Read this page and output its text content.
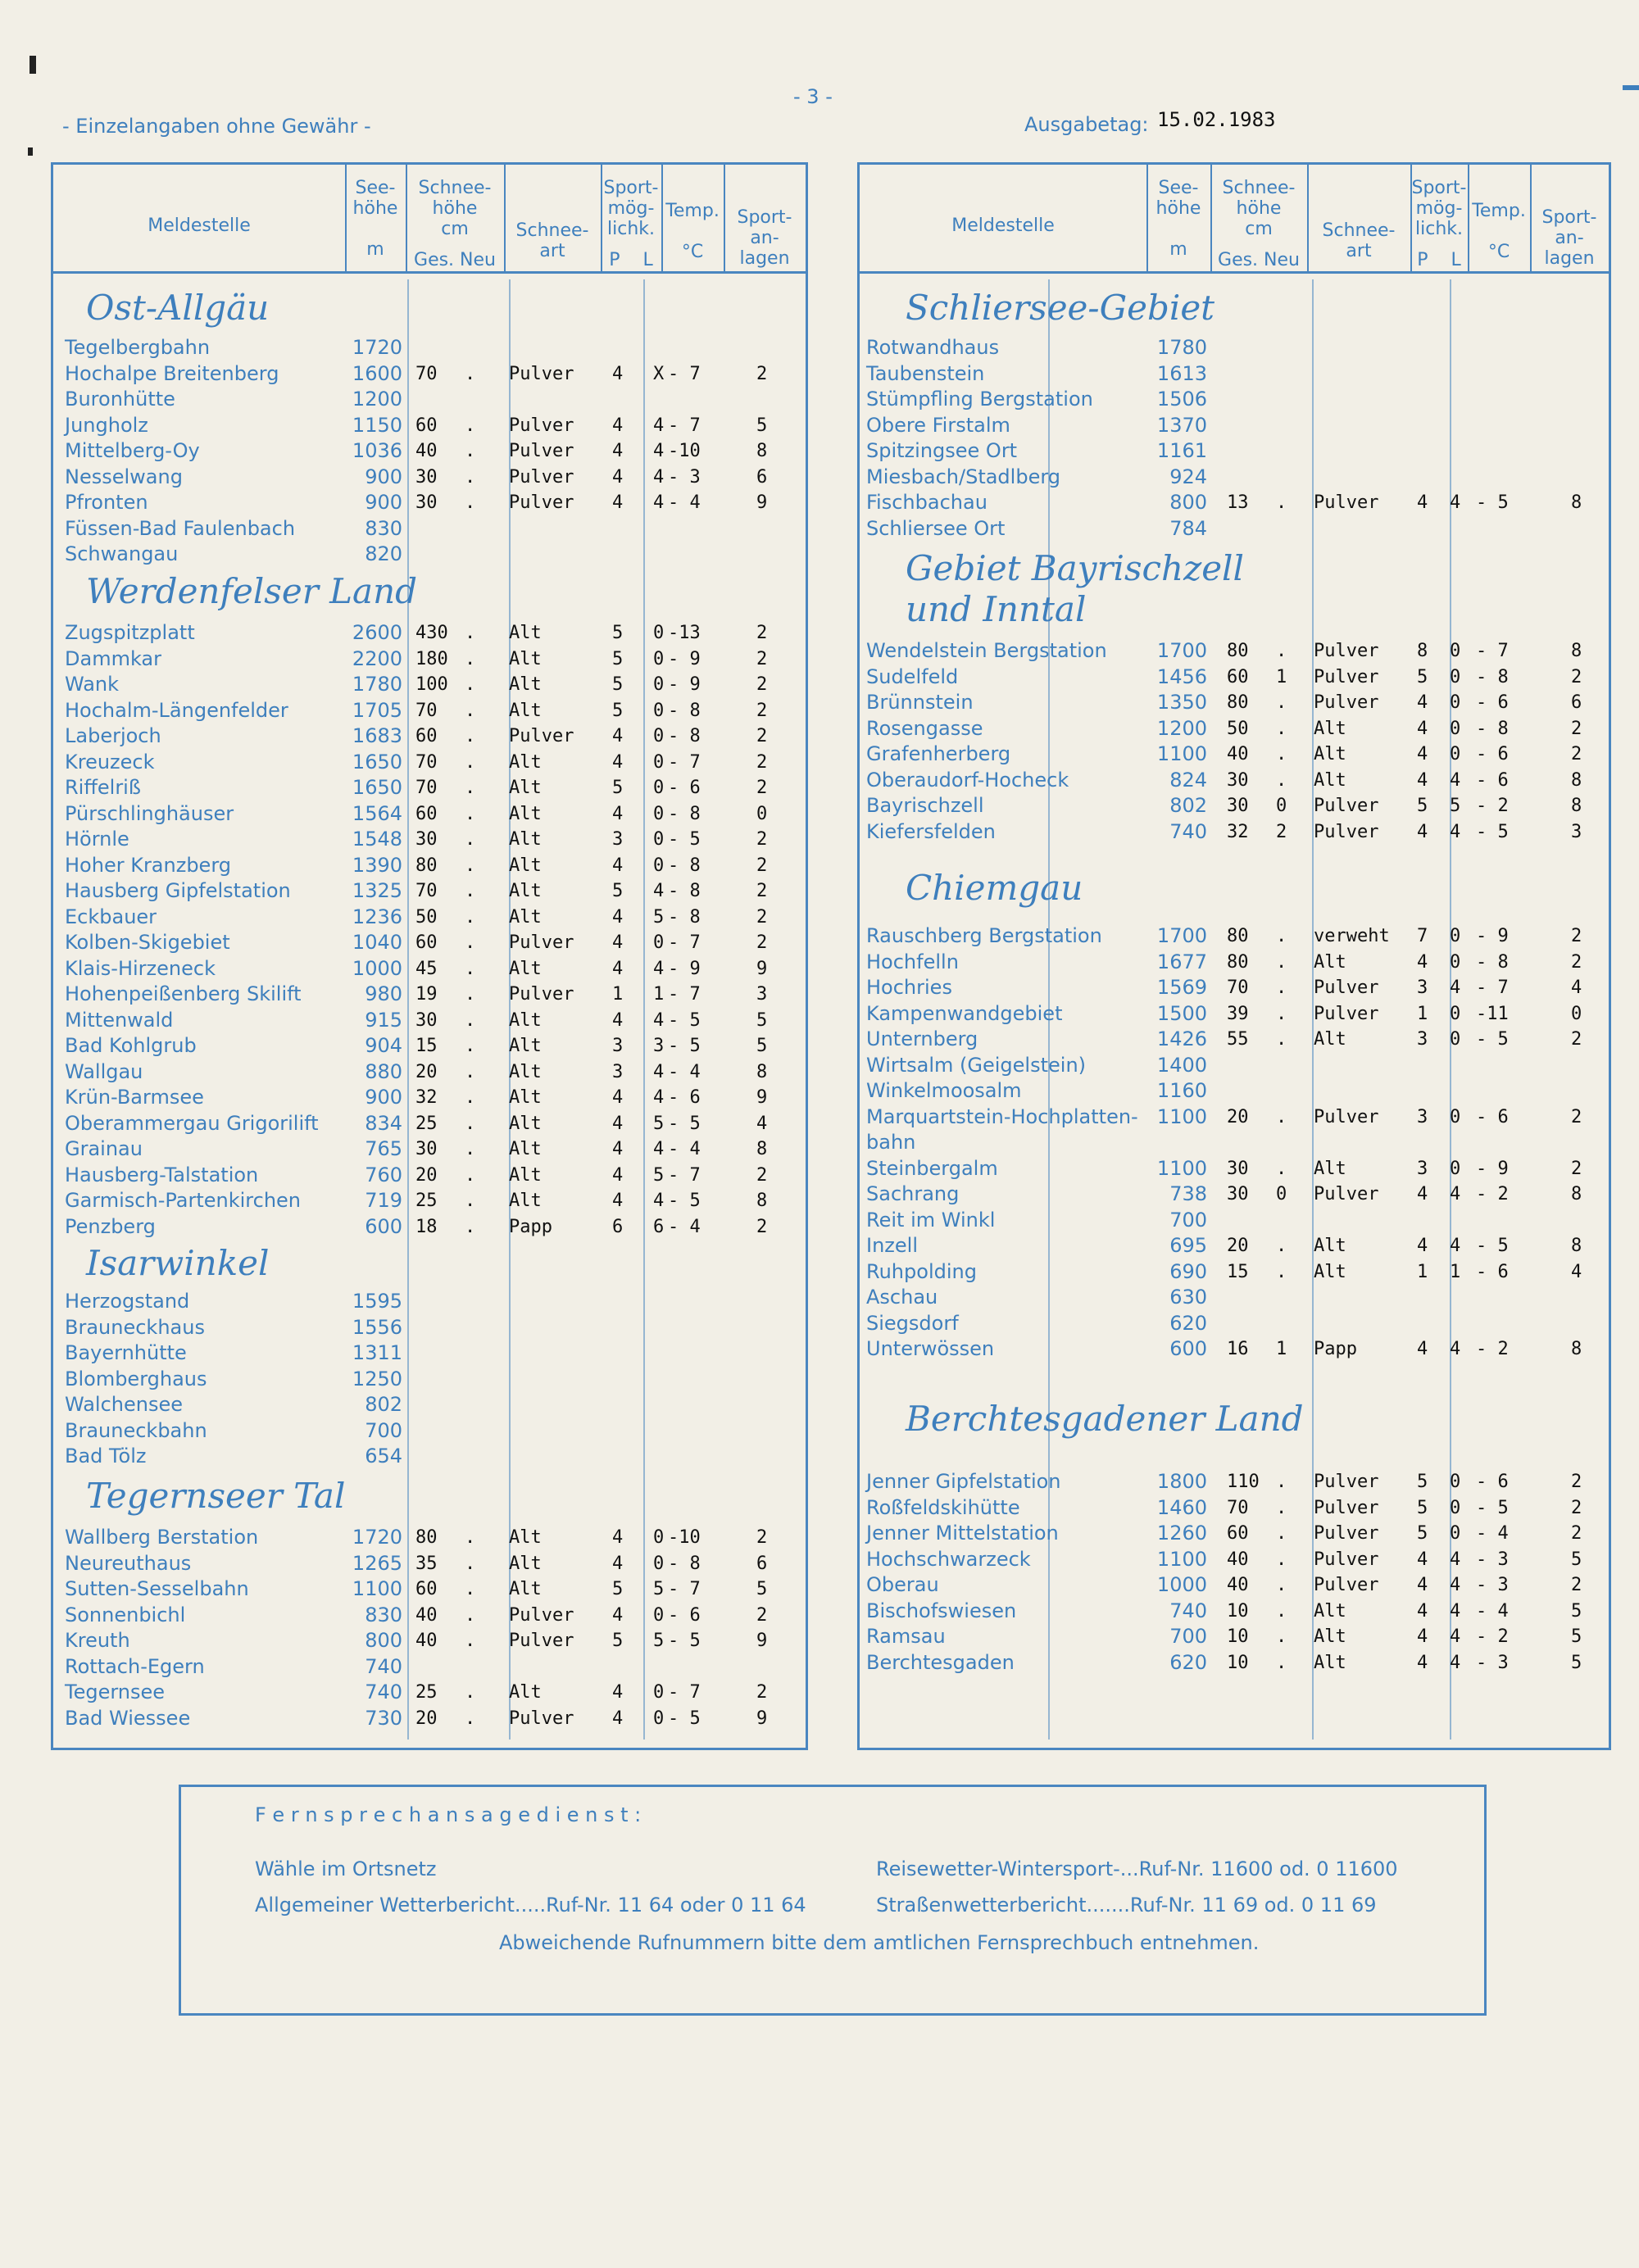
- 3 -
- Einzelangaben ohne Gewähr -	Ausgabetag: 15.02.1983
Meldestelle
See-
höhe

m
Schnee-
höhe
cm
Ges. Neu
Schnee-
art
Sport-
mög-
lichk.
P    L
Temp.

°C
Sport-
an-
lagen
Ost-Allgäu
Tegelbergbahn	1720
Hochalpe Breitenberg	1600 70 . Pulver 4 X - 7	2
Buronhütte	1200
Jungholz	1150 60 . Pulver 4 4 - 7	5
Mittelberg-Oy	1036 40 . Pulver 4 4 -10	8
Nesselwang	900 30 . Pulver 4 4 - 3	6
Pfronten	900 30 . Pulver 4 4 - 4	9
Füssen-Bad Faulenbach	830
Schwangau	820
Werdenfelser Land
Zugspitzplatt	2600 430 . Alt	5 0 -13	2
Dammkar	2200 180 . Alt	5 0 - 9	2
Wank	1780 100 . Alt	5 0 - 9	2
Hochalm-Längenfelder	1705 70 . Alt	5 0 - 8	2
Laberjoch	1683 60 . Pulver 4 0 - 8	2
Kreuzeck	1650 70 . Alt	4 0 - 7	2
Riffelriß	1650 70 . Alt	5 0 - 6	2
Pürschlinghäuser	1564 60 . Alt	4 0 - 8	0
Hörnle	1548 30 . Alt	3 0 - 5	2
Hoher Kranzberg	1390 80 . Alt	4 0 - 8	2
Hausberg Gipfelstation	1325 70 . Alt	5 4 - 8	2
Eckbauer	1236 50 . Alt	4 5 - 8	2
Kolben-Skigebiet	1040 60 . Pulver 4 0 - 7	2
Klais-Hirzeneck	1000 45 . Alt	4 4 - 9	9
Hohenpeißenberg Skilift	980 19 . Pulver 1 1 - 7	3
Mittenwald	915 30 . Alt	4 4 - 5	5
Bad Kohlgrub	904 15 . Alt	3 3 - 5	5
Wallgau	880 20 . Alt	3 4 - 4	8
Krün-Barmsee	900 32 . Alt	4 4 - 6	9
Oberammergau Grigorilift 834 25 . Alt	4 5 - 5	4
Grainau	765 30 . Alt	4 4 - 4	8
Hausberg-Talstation	760 20 . Alt	4 5 - 7	2
Garmisch-Partenkirchen	719 25 . Alt	4 4 - 5	8
Penzberg	600 18 . Papp	6 6 - 4	2
Isarwinkel
Herzogstand	1595
Brauneckhaus	1556
Bayernhütte	1311
Blomberghaus	1250
Walchensee	802
Brauneckbahn	700
Bad Tölz	654
Tegernseer Tal
Wallberg Berstation	1720 80 . Alt	4 0 -10	2
Neureuthaus	1265 35 . Alt	4 0 - 8	6
Sutten-Sesselbahn	1100 60 . Alt	5 5 - 7	5
Sonnenbichl	830 40 . Pulver 4 0 - 6	2
Kreuth	800 40 . Pulver 5 5 - 5	9
Rottach-Egern	740
Tegernsee	740 25 . Alt	4 0 - 7	2
Bad Wiessee	730 20 . Pulver 4 0 - 5	9
Meldestelle
See-
höhe

m
Schnee-
höhe
cm
Ges. Neu
Schnee-
art
Sport-
mög-
lichk.
P    L
Temp.

°C
Sport-
an-
lagen
Schliersee-Gebiet
Rotwandhaus	1780
Taubenstein	1613
Stümpfling Bergstation	1506
Obere Firstalm	1370
Spitzingsee Ort	1161
Miesbach/Stadlberg	924
Fischbachau	800 13 . Pulver 4 4 - 5	8
Schliersee Ort	784
Gebiet Bayrischzell
und Inntal
Wendelstein Bergstation	1700 80 . Pulver 8 0 - 7	8
Sudelfeld	1456 60 1 Pulver 5 0 - 8	2
Brünnstein	1350 80 . Pulver 4 0 - 6	6
Rosengasse	1200 50 . Alt	4 0 - 8	2
Grafenherberg	1100 40 . Alt	4 0 - 6	2
Oberaudorf-Hocheck	824 30 . Alt	4 4 - 6	8
Bayrischzell	802 30 0 Pulver 5 5 - 2	8
Kiefersfelden	740 32 2 Pulver 4 4 - 5	3
Chiemgau
Rauschberg Bergstation	1700 80 . verweht 7 0 - 9	2
Hochfelln	1677 80 . Alt	4 0 - 8	2
Hochries	1569 70 . Pulver 3 4 - 7	4
Kampenwandgebiet	1500 39 . Pulver 1 0 -11	0
Unternberg	1426 55 . Alt	3 0 - 5	2
Wirtsalm (Geigelstein)	1400
Winkelmoosalm	1160
Marquartstein-Hochplatten- 1100 20 . Pulver 3 0 - 6	2
bahn
Steinbergalm	1100 30 . Alt	3 0 - 9	2
Sachrang	738 30 0 Pulver 4 4 - 2	8
Reit im Winkl	700
Inzell	695 20 . Alt	4 4 - 5	8
Ruhpolding	690 15 . Alt	1 1 - 6	4
Aschau	630
Siegsdorf	620
Unterwössen	600 16 1 Papp	4 4 - 2	8
Berchtesgadener Land
Jenner Gipfelstation	1800 110 . Pulver 5 0 - 6	2
Roßfeldskihütte	1460 70 . Pulver 5 0 - 5	2
Jenner Mittelstation	1260 60 . Pulver 5 0 - 4	2
Hochschwarzeck	1100 40 . Pulver 4 4 - 3	5
Oberau	1000 40 . Pulver 4 4 - 3	2
Bischofswiesen	740 10 . Alt	4 4 - 4	5
Ramsau	700 10 . Alt	4 4 - 2	5
Berchtesgaden	620 10 . Alt	4 4 - 3	5
F e r n s p r e c h a n s a g e d i e n s t :
Wähle im Ortsnetz	Reisewetter-Wintersport-...Ruf-Nr. 11600 od. 0 11600
Allgemeiner Wetterbericht.....Ruf-Nr. 11 64 oder 0 11 64	Straßenwetterbericht.......Ruf-Nr. 11 69 od. 0 11 69
Abweichende Rufnummern bitte dem amtlichen Fernsprechbuch entnehmen.
